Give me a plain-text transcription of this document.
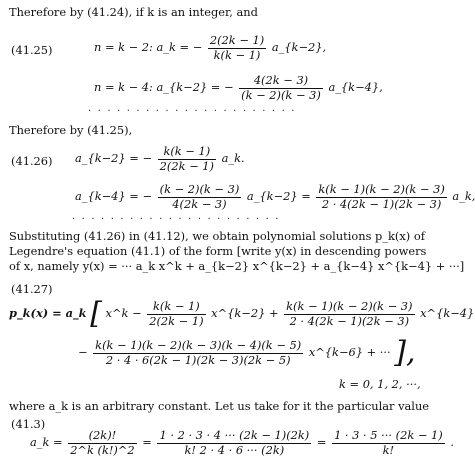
Therefore by (41.24), if k is an integer, and
(41.25)	n = k − 2: a_k = − $\frac{2(2k - 1)}{k(k - 1)}$ a_{k−2},
n = k − 4: a_{k−2} = − $\frac{4(2k - 3)}{(k - 2)(k - 3)}$ a_{k−4},
......................
Therefore by (41.25),
(41.26) a_{k−2} = − $\frac{k(k - 1)}{2(2k - 1)}$ a_k.
a_{k−4} = − $\frac{(k - 2)(k - 3)}{4(2k - 3)}$ a_{k−2} = $\frac{k(k - 1)(k - 2)(k - 3)}{2 \cdot 4(2k - 1)(2k - 3)}$ a_k,
......................
Substituting (41.26) in (41.12), we obtain polynomial solutions p_k(x) of
Legendre's equation (41.1) of the form [write y(x) in descending powers
of x, namely y(x) = ··· a_k x^k + a_{k−2} x^{k−2} + a_{k−4} x^{k−4} + ···]
(41.27)
p_k(x) = a_k [ x^k − $\frac{k(k - 1)}{2(2k - 1)}$ x^{k−2} + $\frac{k(k - 1)(k - 2)(k - 3)}{2 \cdot 4(2k - 1)(2k - 3)}$ x^{k−4}
− $\frac{k(k - 1)(k - 2)(k - 3)(k - 4)(k - 5)}{2 \cdot 4 \cdot 6(2k - 1)(2k - 3)(2k - 5)}$ x^{k−6} + ··· ],
k = 0, 1, 2, ···,
where a_k is an arbitrary constant. Let us take for it the particular value
(41.3)
a_k = $\frac{(2k)!}{2\^{}k (k!)\^{}2} = \frac{1 \cdot 2 \cdot 3 \cdot 4 \cdot\cdot\cdot (2k - 1)(2k)}{k! 2 \cdot 4 \cdot 6 \cdot\cdot\cdot (2k)} = \frac{1 \cdot 3 \cdot 5 \cdot\cdot\cdot (2k - 1)}{k!}$ .
